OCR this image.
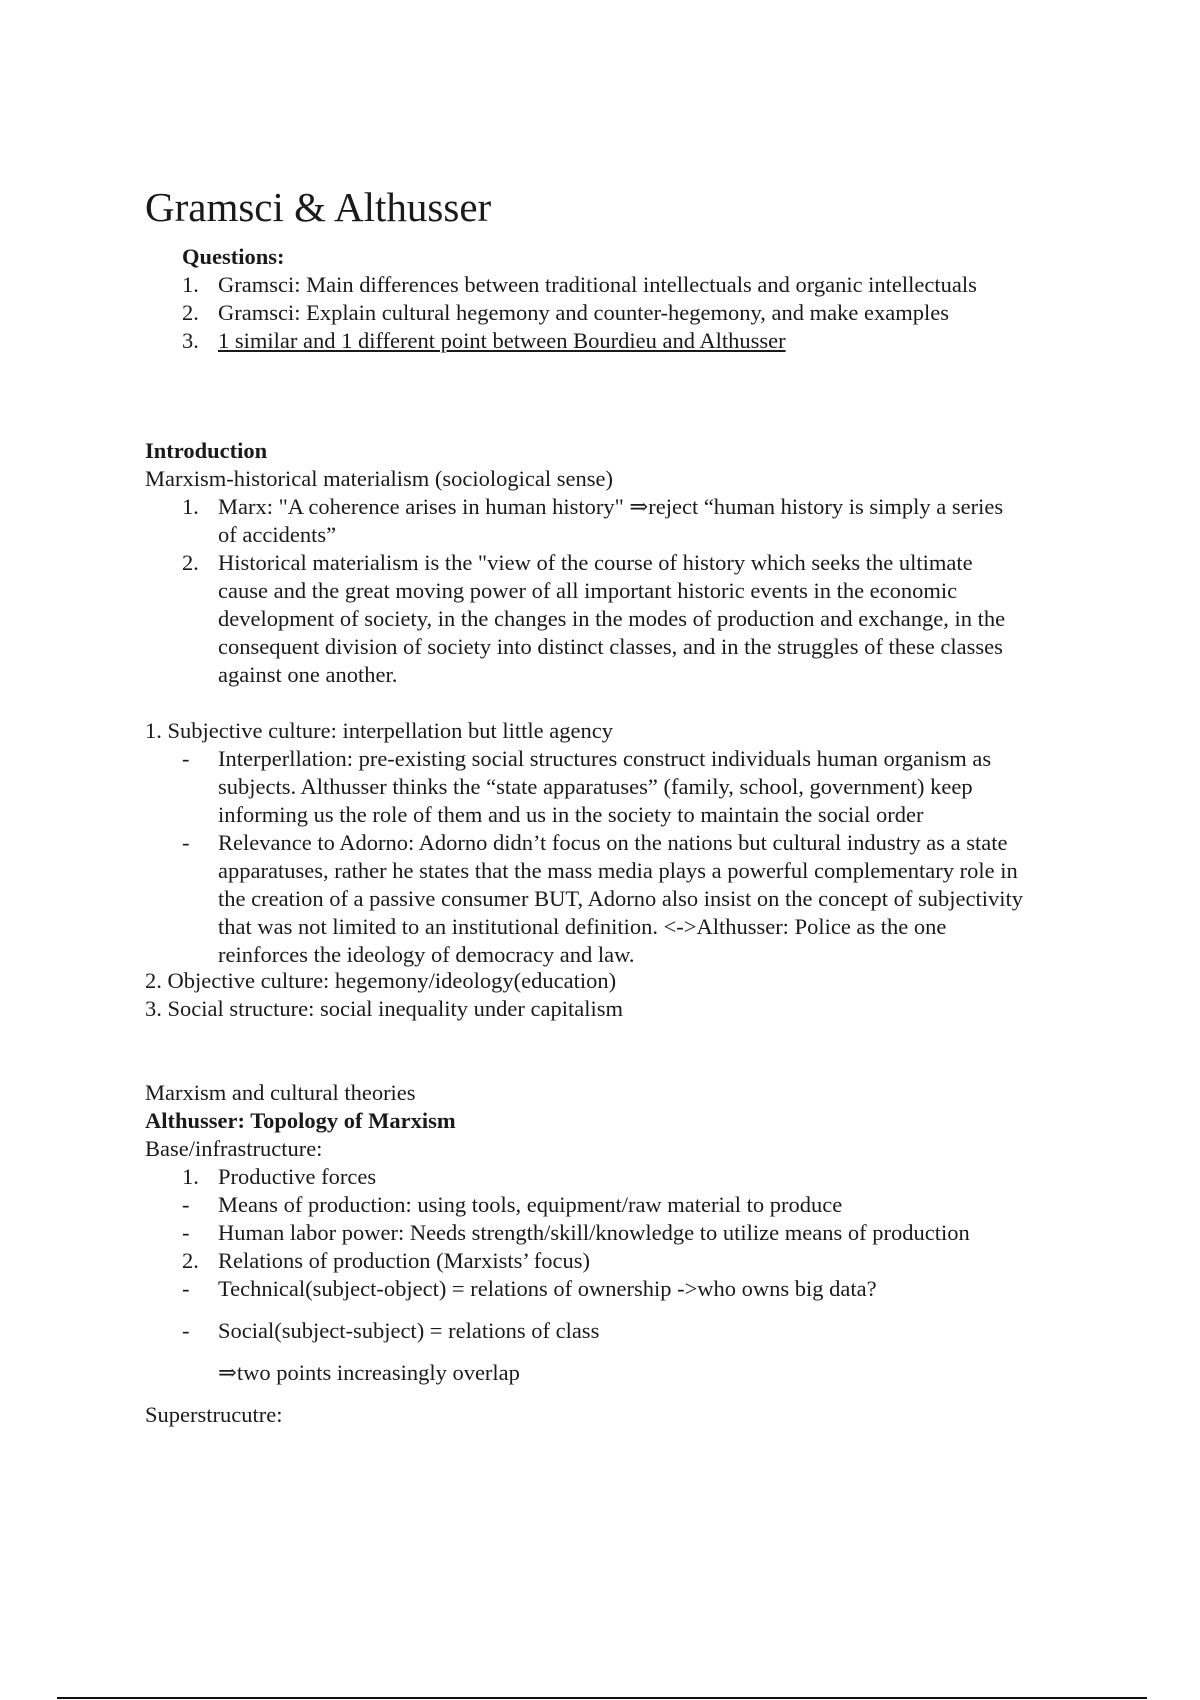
Gramsci & Althusser
Questions:
1. Gramsci: Main differences between traditional intellectuals and organic intellectuals
2. Gramsci: Explain cultural hegemony and counter-hegemony, and make examples
3. 1 similar and 1 different point between Bourdieu and Althusser
Introduction
Marxism-historical materialism (sociological sense)
1. Marx: "A coherence arises in human history" ⇒reject “human history is simply a series
of accidents”
2. Historical materialism is the "view of the course of history which seeks the ultimate
cause and the great moving power of all important historic events in the economic
development of society, in the changes in the modes of production and exchange, in the
consequent division of society into distinct classes, and in the struggles of these classes
against one another.
1. Subjective culture: interpellation but little agency
- Interperllation: pre-existing social structures construct individuals human organism as
subjects. Althusser thinks the “state apparatuses” (family, school, government) keep
informing us the role of them and us in the society to maintain the social order
- Relevance to Adorno: Adorno didn’t focus on the nations but cultural industry as a state
apparatuses, rather he states that the mass media plays a powerful complementary role in
the creation of a passive consumer BUT, Adorno also insist on the concept of subjectivity
that was not limited to an institutional definition. <->Althusser: Police as the one
reinforces the ideology of democracy and law.
2. Objective culture: hegemony/ideology(education)
3. Social structure: social inequality under capitalism
Marxism and cultural theories
Althusser: Topology of Marxism
Base/infrastructure:
1. Productive forces
- Means of production: using tools, equipment/raw material to produce
- Human labor power: Needs strength/skill/knowledge to utilize means of production
2. Relations of production (Marxists’ focus)
- Technical(subject-object) = relations of ownership ->who owns big data?
- Social(subject-subject) = relations of class
⇒two points increasingly overlap
Superstrucutre:
